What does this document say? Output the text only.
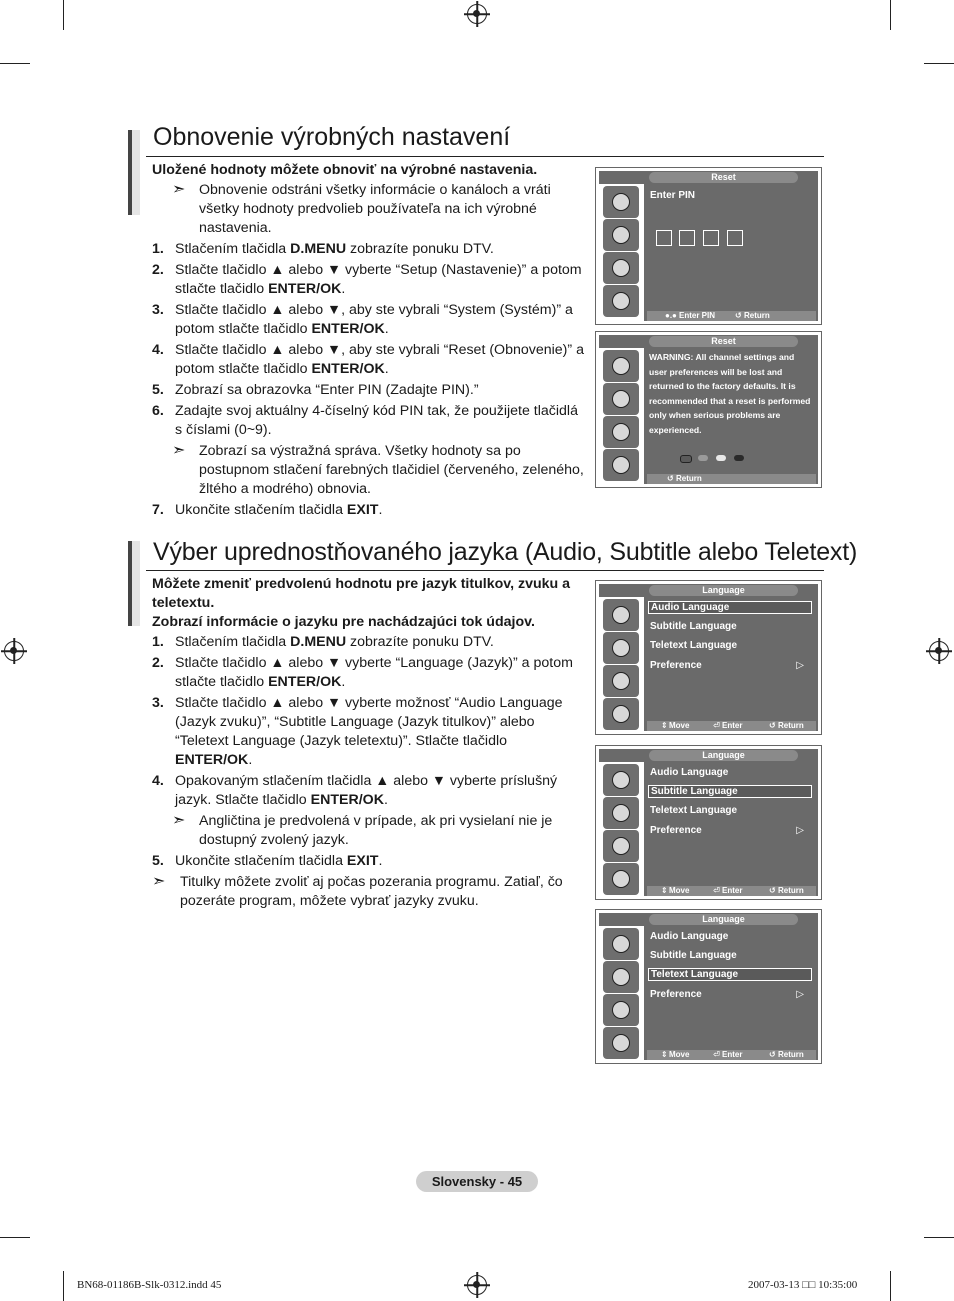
Obnovenie výrobných nastavení

Uložené hodnoty môžete obnoviť na výrobné nastavenia.

➣ Obnovenie odstráni všetky informácie o kanáloch a vráti všetky hodnoty predvolieb používateľa na ich výrobné nastavenia.
1. Stlačením tlačidla D.MENU zobrazíte ponuku DTV.
2. Stlačte tlačidlo ▲ alebo ▼ vyberte “Setup (Nastavenie)” a potom stlačte tlačidlo ENTER/OK.
3. Stlačte tlačidlo ▲ alebo ▼, aby ste vybrali “System (Systém)” a potom stlačte tlačidlo ENTER/OK.
4. Stlačte tlačidlo ▲ alebo ▼, aby ste vybrali “Reset (Obnovenie)” a potom stlačte tlačidlo ENTER/OK.
5. Zobrazí sa obrazovka “Enter PIN (Zadajte PIN).”
6. Zadajte svoj aktuálny 4-číselný kód PIN tak, že použijete tlačidlá s číslami (0~9).
➣ Zobrazí sa výstražná správa. Všetky hodnoty sa po postupnom stlačení farebných tlačidiel (červeného, zeleného, žltého a modrého) obnovia.
7. Ukončite stlačením tlačidla EXIT.
Reset
Enter PIN
●.● Enter PIN ↺ Return
Reset
WARNING: All channel settings and user preferences will be lost and returned to the factory defaults. It is recommended that a reset is performed only when serious problems are experienced.
↺ Return
Výber uprednostňovaného jazyka (Audio, Subtitle alebo Teletext)

Môžete zmeniť predvolenú hodnotu pre jazyk titulkov, zvuku a teletextu.

Zobrazí informácie o jazyku pre nachádzajúci tok údajov.

1. Stlačením tlačidla D.MENU zobrazíte ponuku DTV.
2. Stlačte tlačidlo ▲ alebo ▼ vyberte “Language (Jazyk)” a potom stlačte tlačidlo ENTER/OK.
3. Stlačte tlačidlo ▲ alebo ▼ vyberte možnosť “Audio Language (Jazyk zvuku)”, “Subtitle Language (Jazyk titulkov)” alebo “Teletext Language (Jazyk teletextu)”. Stlačte tlačidlo ENTER/OK.
4. Opakovaným stlačením tlačidla ▲ alebo ▼ vyberte príslušný jazyk. Stlačte tlačidlo ENTER/OK.
➣ Angličtina je predvolená v prípade, ak pri vysielaní nie je dostupný zvolený jazyk.
5. Ukončite stlačením tlačidla EXIT.
➣ Titulky môžete zvoliť aj počas pozerania programu. Zatiaľ, čo pozeráte program, môžete vybrať jazyky zvuku.
Language
Audio Language
Subtitle Language
Teletext Language
Preference	▷
⇕ Move	⏎ Enter	↺ Return
Language
Audio Language
Subtitle Language
Teletext Language
Preference	▷
⇕ Move	⏎ Enter	↺ Return
Language
Audio Language
Subtitle Language
Teletext Language
Preference	▷
⇕ Move	⏎ Enter	↺ Return
Slovensky - 45
BN68-01186B-Slk-0312.indd 45	2007-03-13 □□ 10:35:00
